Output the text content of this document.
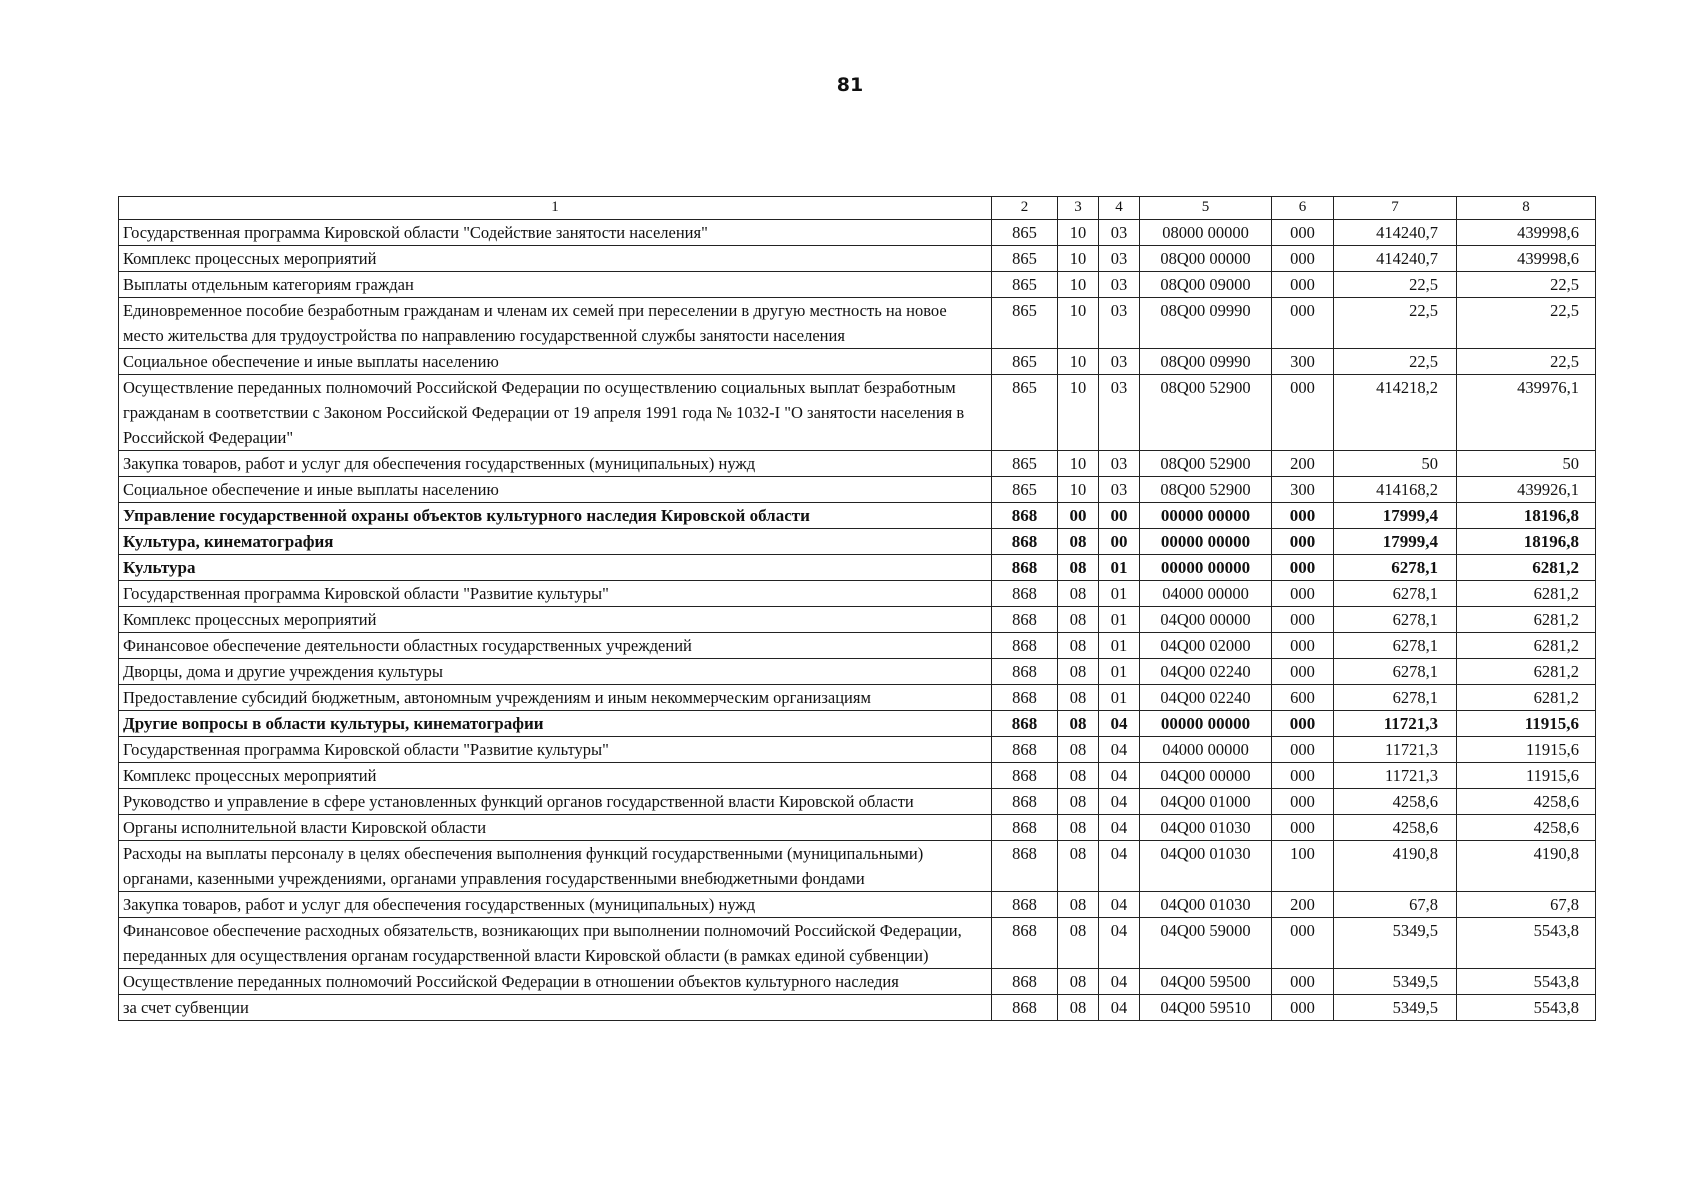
81
1	2	3	4	5	6	7	8
Государственная программа Кировской области "Содействие занятости населения"	865	10	03	08000 00000	000	414240,7	439998,6
Комплекс процессных мероприятий	865	10	03	08Q00 00000	000	414240,7	439998,6
Выплаты отдельным категориям граждан	865	10	03	08Q00 09000	000	22,5	22,5
Единовременное пособие безработным гражданам и членам их семей при переселении в другую местность на новое место жительства для трудоустройства по направлению государственной службы занятости населения	865	10	03	08Q00 09990	000	22,5	22,5
Социальное обеспечение и иные выплаты населению	865	10	03	08Q00 09990	300	22,5	22,5
Осуществление переданных полномочий Российской Федерации по осуществлению социальных выплат безработным гражданам в соответствии с Законом Российской Федерации от 19 апреля 1991 года № 1032-I "О занятости населения в Российской Федерации"	865	10	03	08Q00 52900	000	414218,2	439976,1
Закупка товаров, работ и услуг для обеспечения государственных (муниципальных) нужд	865	10	03	08Q00 52900	200	50	50
Социальное обеспечение и иные выплаты населению	865	10	03	08Q00 52900	300	414168,2	439926,1
Управление государственной охраны объектов культурного наследия Кировской области	868	00	00	00000 00000	000	17999,4	18196,8
Культура, кинематография	868	08	00	00000 00000	000	17999,4	18196,8
Культура	868	08	01	00000 00000	000	6278,1	6281,2
Государственная программа Кировской области "Развитие культуры"	868	08	01	04000 00000	000	6278,1	6281,2
Комплекс процессных мероприятий	868	08	01	04Q00 00000	000	6278,1	6281,2
Финансовое обеспечение деятельности областных государственных учреждений	868	08	01	04Q00 02000	000	6278,1	6281,2
Дворцы, дома и другие учреждения культуры	868	08	01	04Q00 02240	000	6278,1	6281,2
Предоставление субсидий бюджетным, автономным учреждениям и иным некоммерческим организациям	868	08	01	04Q00 02240	600	6278,1	6281,2
Другие вопросы в области культуры, кинематографии	868	08	04	00000 00000	000	11721,3	11915,6
Государственная программа Кировской области "Развитие культуры"	868	08	04	04000 00000	000	11721,3	11915,6
Комплекс процессных мероприятий	868	08	04	04Q00 00000	000	11721,3	11915,6
Руководство и управление в сфере установленных функций органов государственной власти Кировской области	868	08	04	04Q00 01000	000	4258,6	4258,6
Органы исполнительной власти Кировской области	868	08	04	04Q00 01030	000	4258,6	4258,6
Расходы на выплаты персоналу в целях обеспечения выполнения функций государственными (муниципальными) органами, казенными учреждениями, органами управления государственными внебюджетными фондами	868	08	04	04Q00 01030	100	4190,8	4190,8
Закупка товаров, работ и услуг для обеспечения государственных (муниципальных) нужд	868	08	04	04Q00 01030	200	67,8	67,8
Финансовое обеспечение расходных обязательств, возникающих при выполнении полномочий Российской Федерации, переданных для осуществления органам государственной власти Кировской области (в рамках единой субвенции)	868	08	04	04Q00 59000	000	5349,5	5543,8
Осуществление переданных полномочий Российской Федерации в отношении объектов культурного наследия	868	08	04	04Q00 59500	000	5349,5	5543,8
за счет субвенции	868	08	04	04Q00 59510	000	5349,5	5543,8
